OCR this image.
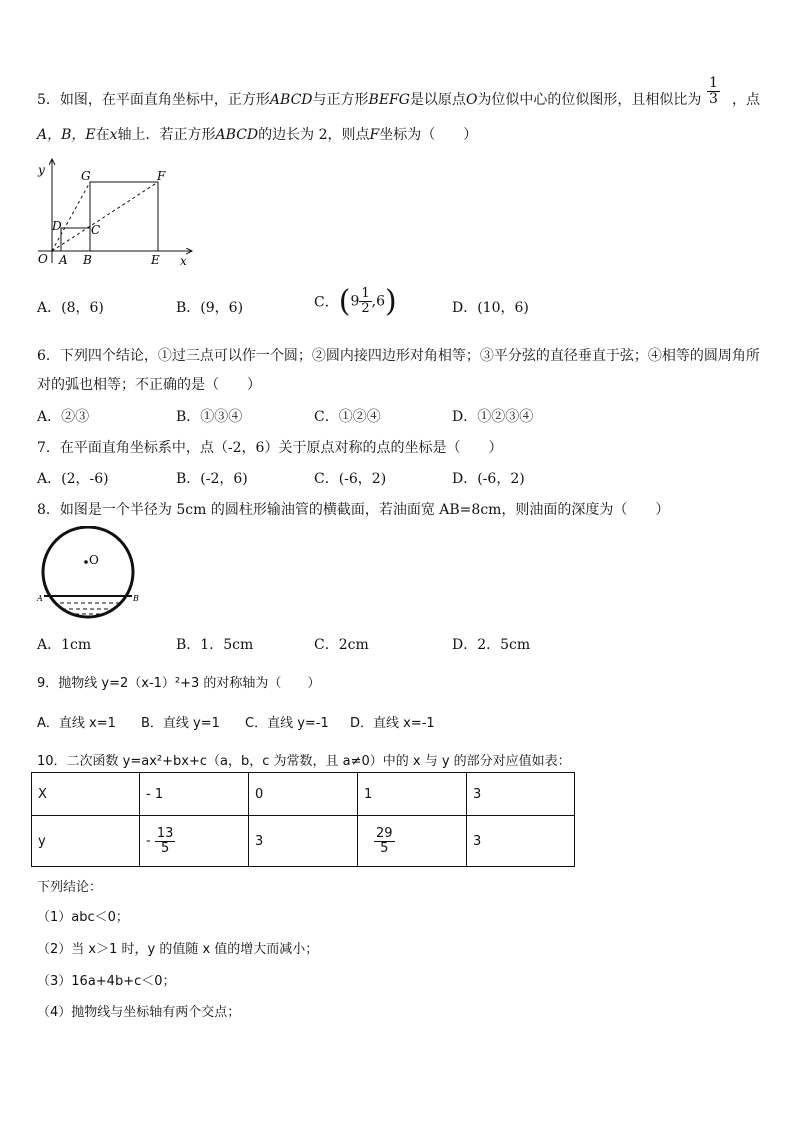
5．如图，在平面直角坐标中，正方形ABCD与正方形BEFG是以原点O为位似中心的位似图形，且相似比为 $\frac{1}{3}$ ，点
A，B，E在x轴上．若正方形ABCD的边长为 2，则点F坐标为（　　）
y
x
O A B	E
G	F
D C
A．(8，6)	B．(9，6)	C．$(9 \frac{1}{2} ,6)$	D．(10，6)
6．下列四个结论，①过三点可以作一个圆；②圆内接四边形对角相等；③平分弦的直径垂直于弦；④相等的圆周角所
对的弧也相等；不正确的是（　　）
A．②③	B．①③④	C．①②④	D．①②③④
7．在平面直角坐标系中，点（-2，6）关于原点对称的点的坐标是（　　）
A．(2，-6)	B．(-2，6)	C．(-6，2)	D．(-6，2)
8．如图是一个半径为 5cm 的圆柱形输油管的横截面，若油面宽 AB=8cm，则油面的深度为（　　）
O
A	B
A．1cm	B．1．5cm	C．2cm	D．2．5cm
9．抛物线 y=2（x-1）²+3 的对称轴为（　　）
A．直线 x=1 B．直线 y=1 C．直线 y=-1 D．直线 x=-1
10．二次函数 y=ax²+bx+c（a，b，c 为常数，且 a≠0）中的 x 与 y 的部分对应值如表：
X	- 1	0	1	3
y	- $\frac{13}{5}$	3	$\frac{29}{5}$	3
下列结论：
（1）abc＜0；
（2）当 x＞1 时，y 的值随 x 值的增大而减小；
（3）16a+4b+c＜0；
（4）抛物线与坐标轴有两个交点；
